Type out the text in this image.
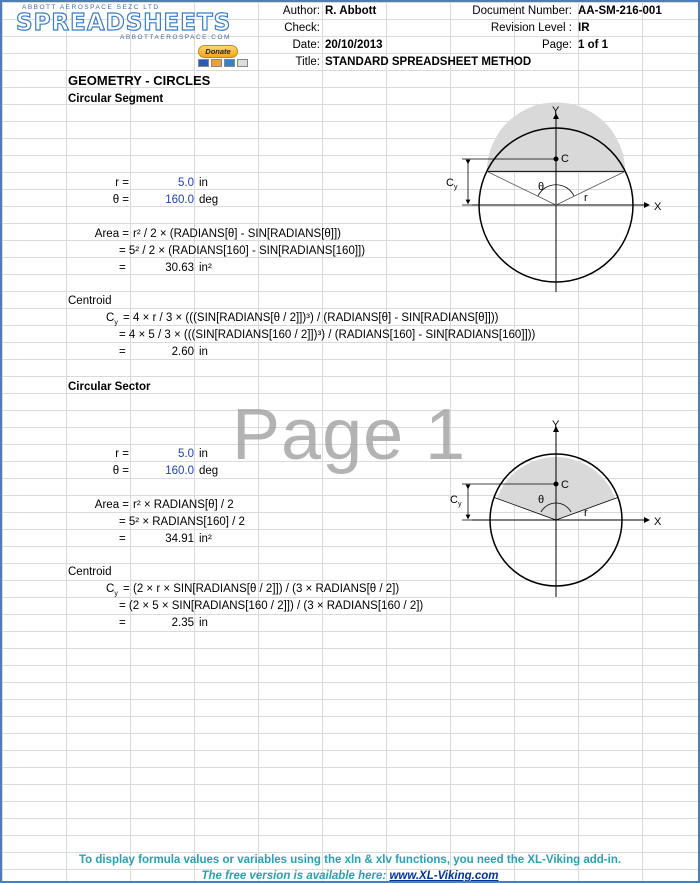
ABBOTT AEROSPACE SEZC LTD
SPREADSHEETS
ABBOTTAEROSPACE.COM
Donate
Author: R. Abbott
Check:
Date: 20/10/2013
Title: STANDARD SPREADSHEET METHOD
Document Number: AA-SM-216-001
Revision Level : IR
Page: 1 of 1
GEOMETRY - CIRCLES
Circular Segment
r =	5.0 in
θ =	160.0 deg
Area = r² / 2 × (RADIANS[θ] - SIN[RADIANS[θ]])
= 5² / 2 × (RADIANS[160] - SIN[RADIANS[160]])
=	30.63 in²
Centroid
$C_y = 4 \times r / 3$ × (((SIN[RADIANS[θ / 2]])³) / (RADIANS[θ] - SIN[RADIANS[θ]]))
= 4 × 5 / 3 × (((SIN[RADIANS[160 / 2]])³) / (RADIANS[160] - SIN[RADIANS[160]]))
=	2.60 in
Circular Sector
Page 1
r =	5.0 in
θ =	160.0 deg
Area = r² × RADIANS[θ] / 2
= 5² × RADIANS[160] / 2
=	34.91 in²
Centroid
$C_y = (2 \times r$ × SIN[RADIANS[θ / 2]]) / (3 × RADIANS[θ / 2])
= (2 × 5 × SIN[RADIANS[160 / 2]]) / (3 × RADIANS[160 / 2])
=	2.35 in
Y
X
C
θ
r
$C_y$
Y
X
C
θ
r
$C_y$
To display formula values or variables using the xln & xlv functions, you need the XL-Viking add-in.
The free version is available here: www.XL-Viking.com
